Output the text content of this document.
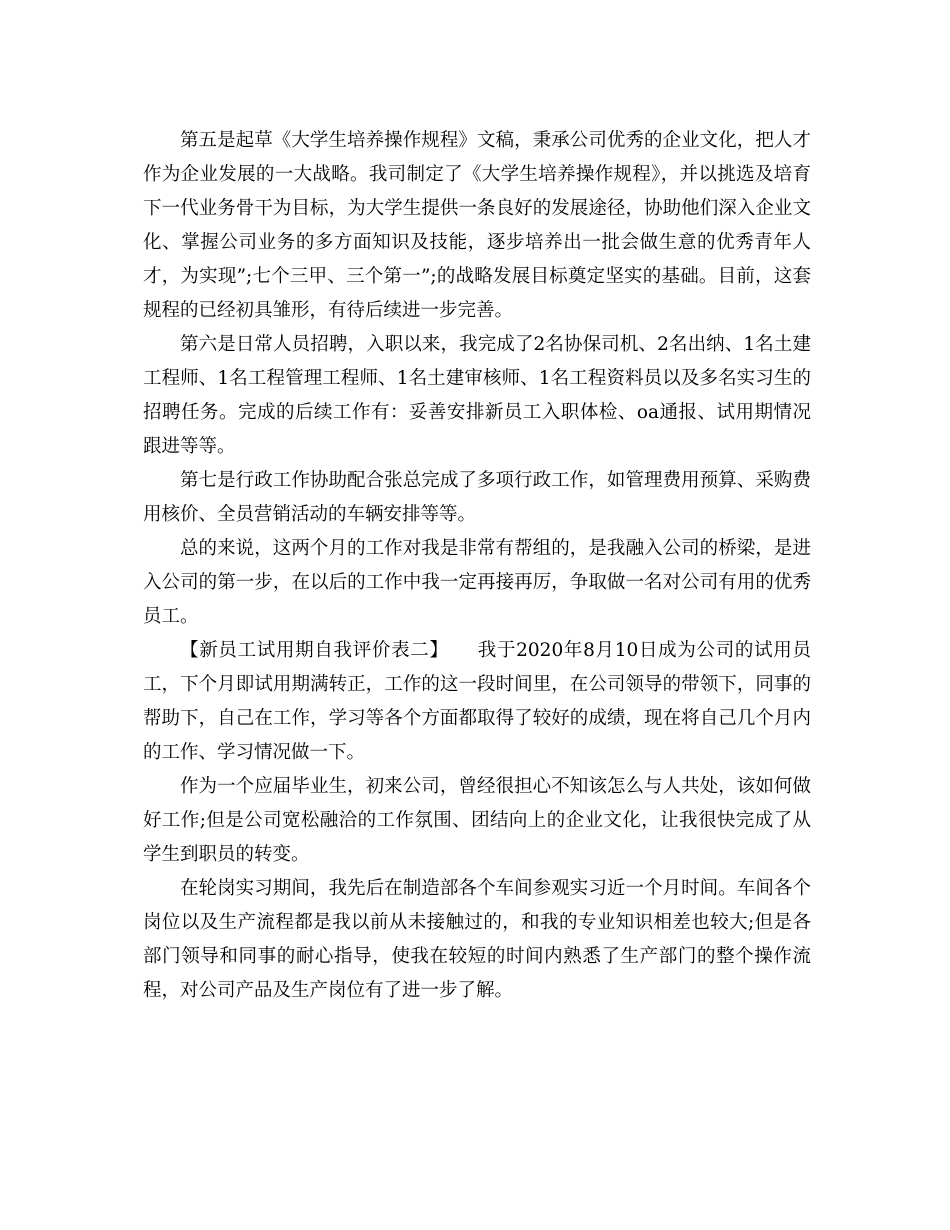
第五是起草《大学生培养操作规程》文稿，秉承公司优秀的企业文化，把人才作为企业发展的一大战略。我司制定了《大学生培养操作规程》，并以挑选及培育下一代业务骨干为目标，为大学生提供一条良好的发展途径，协助他们深入企业文化、掌握公司业务的多方面知识及技能，逐步培养出一批会做生意的优秀青年人才，为实现”;七个三甲、三个第一”;的战略发展目标奠定坚实的基础。目前，这套规程的已经初具雏形，有待后续进一步完善。

第六是日常人员招聘，入职以来，我完成了2名协保司机、2名出纳、1名土建工程师、1名工程管理工程师、1名土建审核师、1名工程资料员以及多名实习生的招聘任务。完成的后续工作有：妥善安排新员工入职体检、oa通报、试用期情况跟进等等。

第七是行政工作协助配合张总完成了多项行政工作，如管理费用预算、采购费用核价、全员营销活动的车辆安排等等。

总的来说，这两个月的工作对我是非常有帮组的，是我融入公司的桥梁，是进入公司的第一步，在以后的工作中我一定再接再厉，争取做一名对公司有用的优秀员工。

【新员工试用期自我评价表二】　　我于2020年8月10日成为公司的试用员工，下个月即试用期满转正，工作的这一段时间里，在公司领导的带领下，同事的帮助下，自己在工作，学习等各个方面都取得了较好的成绩，现在将自己几个月内的工作、学习情况做一下。

作为一个应届毕业生，初来公司，曾经很担心不知该怎么与人共处，该如何做好工作;但是公司宽松融洽的工作氛围、团结向上的企业文化，让我很快完成了从学生到职员的转变。

在轮岗实习期间，我先后在制造部各个车间参观实习近一个月时间。车间各个岗位以及生产流程都是我以前从未接触过的，和我的专业知识相差也较大;但是各部门领导和同事的耐心指导，使我在较短的时间内熟悉了生产部门的整个操作流程，对公司产品及生产岗位有了进一步了解。
